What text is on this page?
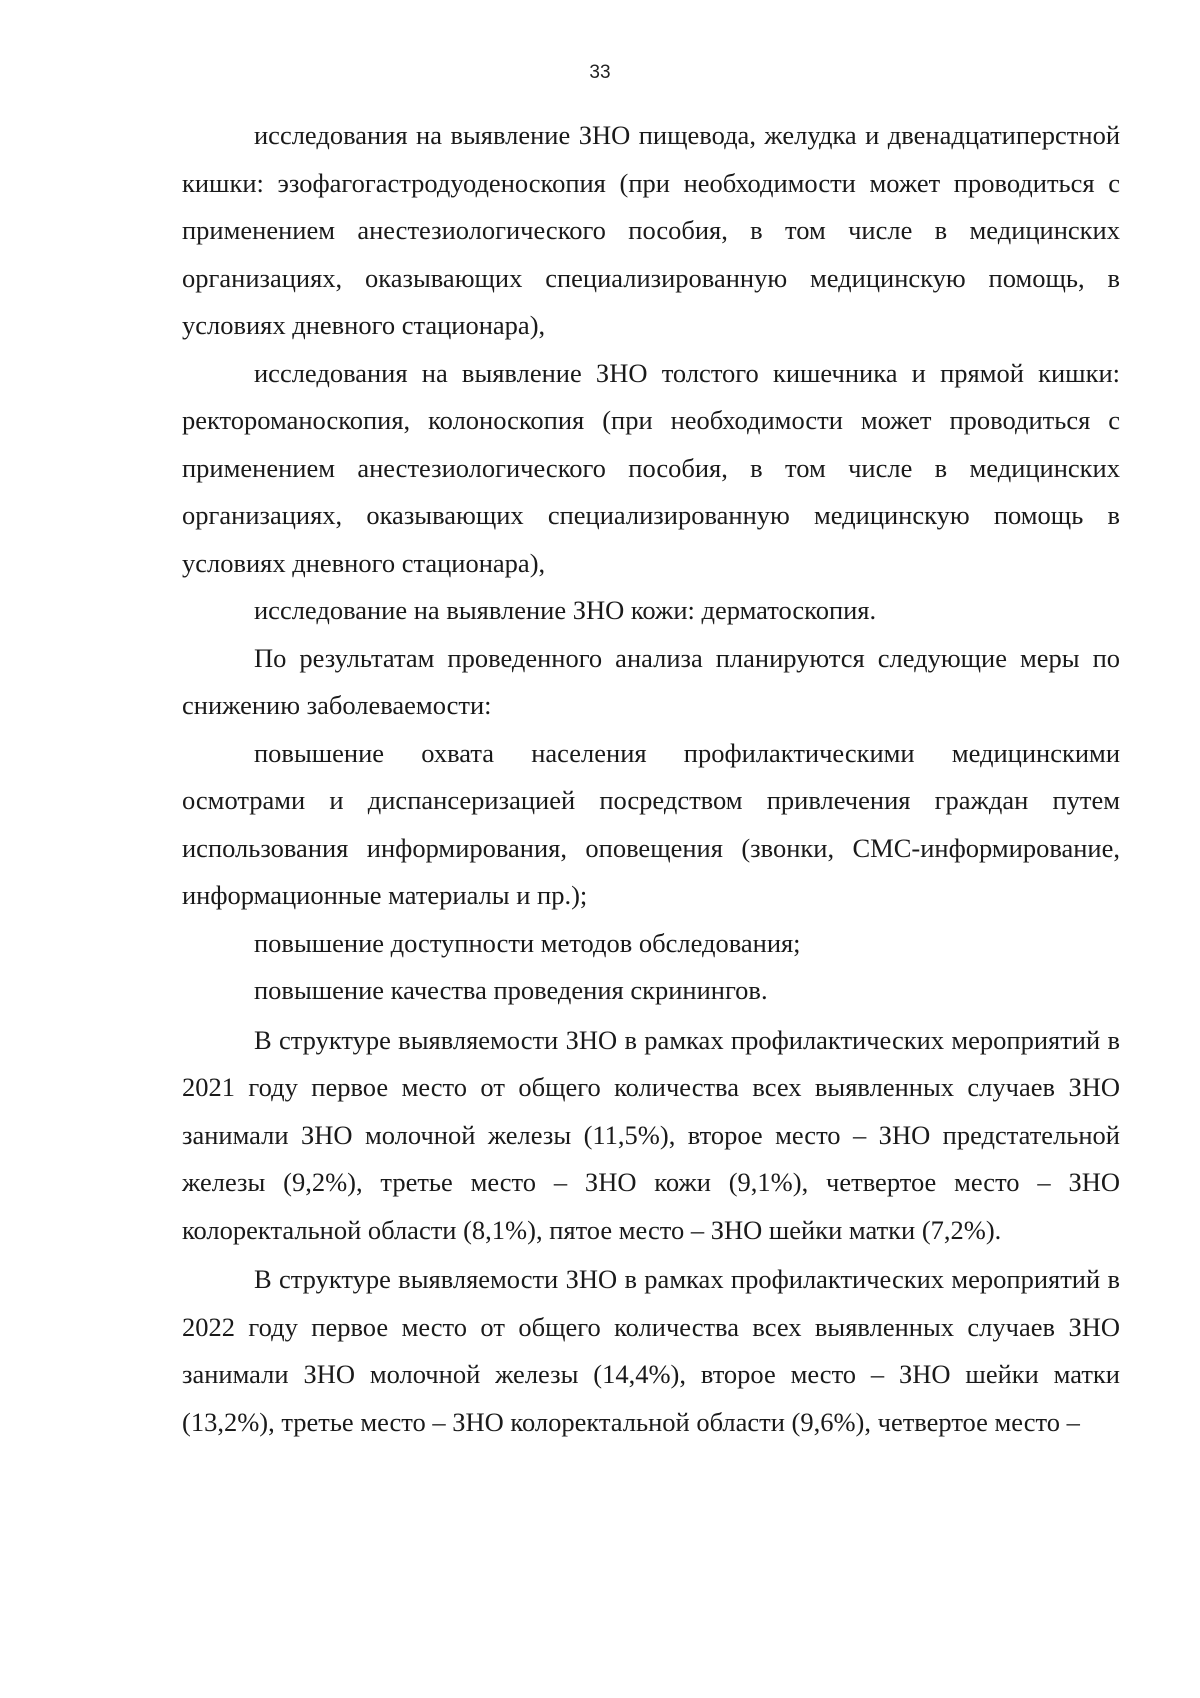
33

исследования на выявление ЗНО пищевода, желудка и двенадцатиперстной кишки: эзофагогастродуоденоскопия (при необходимости может проводиться с применением анестезиологического пособия, в том числе в медицинских организациях, оказывающих специализированную медицинскую помощь, в условиях дневного стационара),

исследования на выявление ЗНО толстого кишечника и прямой кишки: ректороманоскопия, колоноскопия (при необходимости может проводиться с применением анестезиологического пособия, в том числе в медицинских организациях, оказывающих специализированную медицинскую помощь в условиях дневного стационара),

исследование на выявление ЗНО кожи: дерматоскопия.

По результатам проведенного анализа планируются следующие меры по снижению заболеваемости:

повышение охвата населения профилактическими медицинскими осмотрами и диспансеризацией посредством привлечения граждан путем использования информирования, оповещения (звонки, СМС-информирование, информационные материалы и пр.);

повышение доступности методов обследования;

повышение качества проведения скринингов.

В структуре выявляемости ЗНО в рамках профилактических мероприятий в 2021 году первое место от общего количества всех выявленных случаев ЗНО занимали ЗНО молочной железы (11,5%), второе место – ЗНО предстательной железы (9,2%), третье место – ЗНО кожи (9,1%), четвертое место – ЗНО колоректальной области (8,1%), пятое место – ЗНО шейки матки (7,2%).

В структуре выявляемости ЗНО в рамках профилактических мероприятий в 2022 году первое место от общего количества всех выявленных случаев ЗНО занимали ЗНО молочной железы (14,4%), второе место – ЗНО шейки матки (13,2%), третье место – ЗНО колоректальной области (9,6%), четвертое место –
